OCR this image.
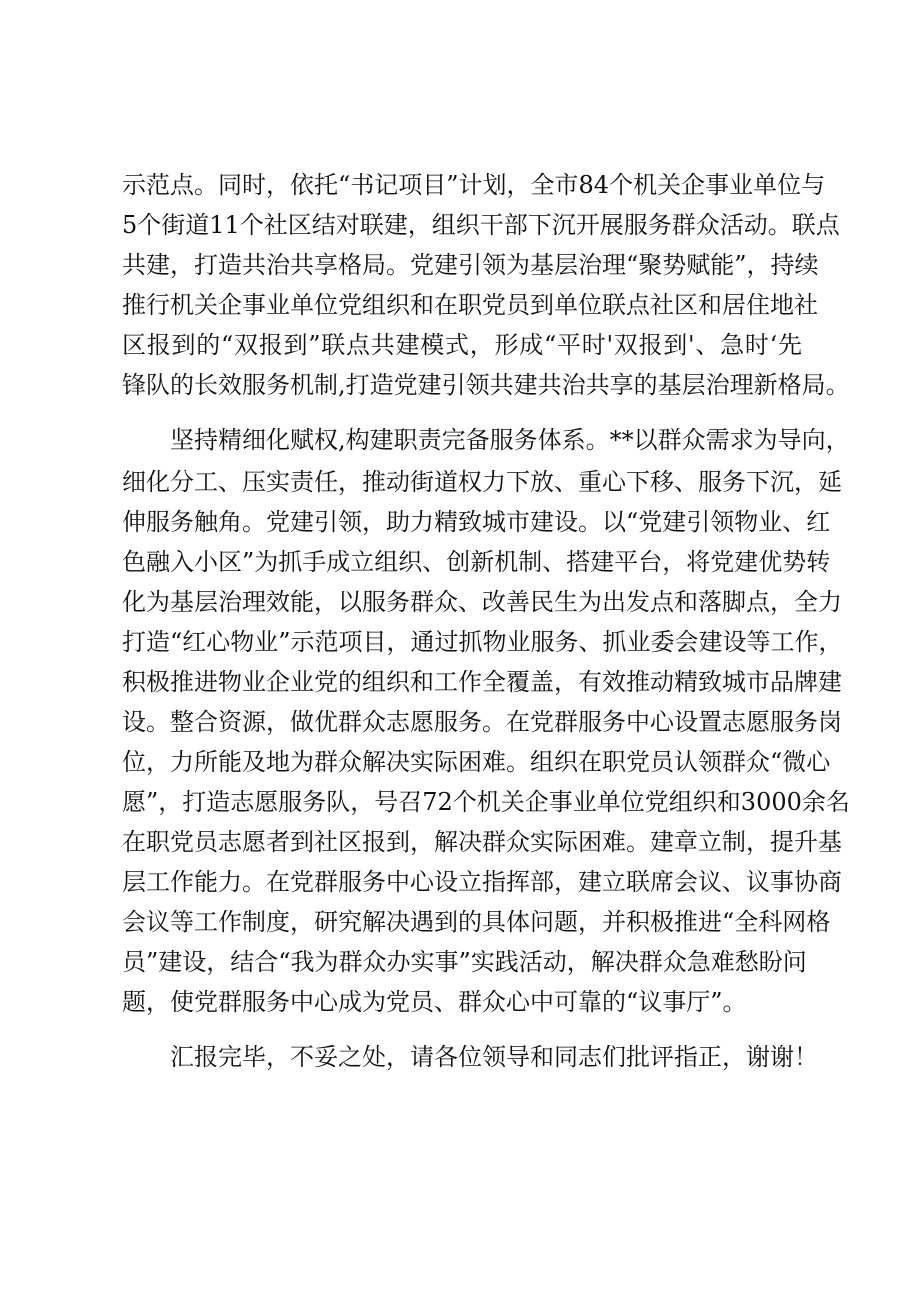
示范点。同时，依托“书记项目”计划，全市84个机关企事业单位与
5个街道11个社区结对联建，组织干部下沉开展服务群众活动。联点
共建，打造共治共享格局。党建引领为基层治理“聚势赋能”，持续
推行机关企事业单位党组织和在职党员到单位联点社区和居住地社
区报到的“双报到”联点共建模式，形成“平时'双报到'、急时‘先
锋队的长效服务机制,打造党建引领共建共治共享的基层治理新格局。
坚持精细化赋权,构建职责完备服务体系。**以群众需求为导向，
细化分工、压实责任，推动街道权力下放、重心下移、服务下沉，延
伸服务触角。党建引领，助力精致城市建设。以“党建引领物业、红
色融入小区”为抓手成立组织、创新机制、搭建平台，将党建优势转
化为基层治理效能，以服务群众、改善民生为出发点和落脚点，全力
打造“红心物业”示范项目，通过抓物业服务、抓业委会建设等工作，
积极推进物业企业党的组织和工作全覆盖，有效推动精致城市品牌建
设。整合资源，做优群众志愿服务。在党群服务中心设置志愿服务岗
位，力所能及地为群众解决实际困难。组织在职党员认领群众“微心
愿”，打造志愿服务队，号召72个机关企事业单位党组织和3000余名
在职党员志愿者到社区报到，解决群众实际困难。建章立制，提升基
层工作能力。在党群服务中心设立指挥部，建立联席会议、议事协商
会议等工作制度，研究解决遇到的具体问题，并积极推进“全科网格
员”建设，结合“我为群众办实事”实践活动，解决群众急难愁盼问
题，使党群服务中心成为党员、群众心中可靠的“议事厅”。
汇报完毕，不妥之处，请各位领导和同志们批评指正，谢谢！
